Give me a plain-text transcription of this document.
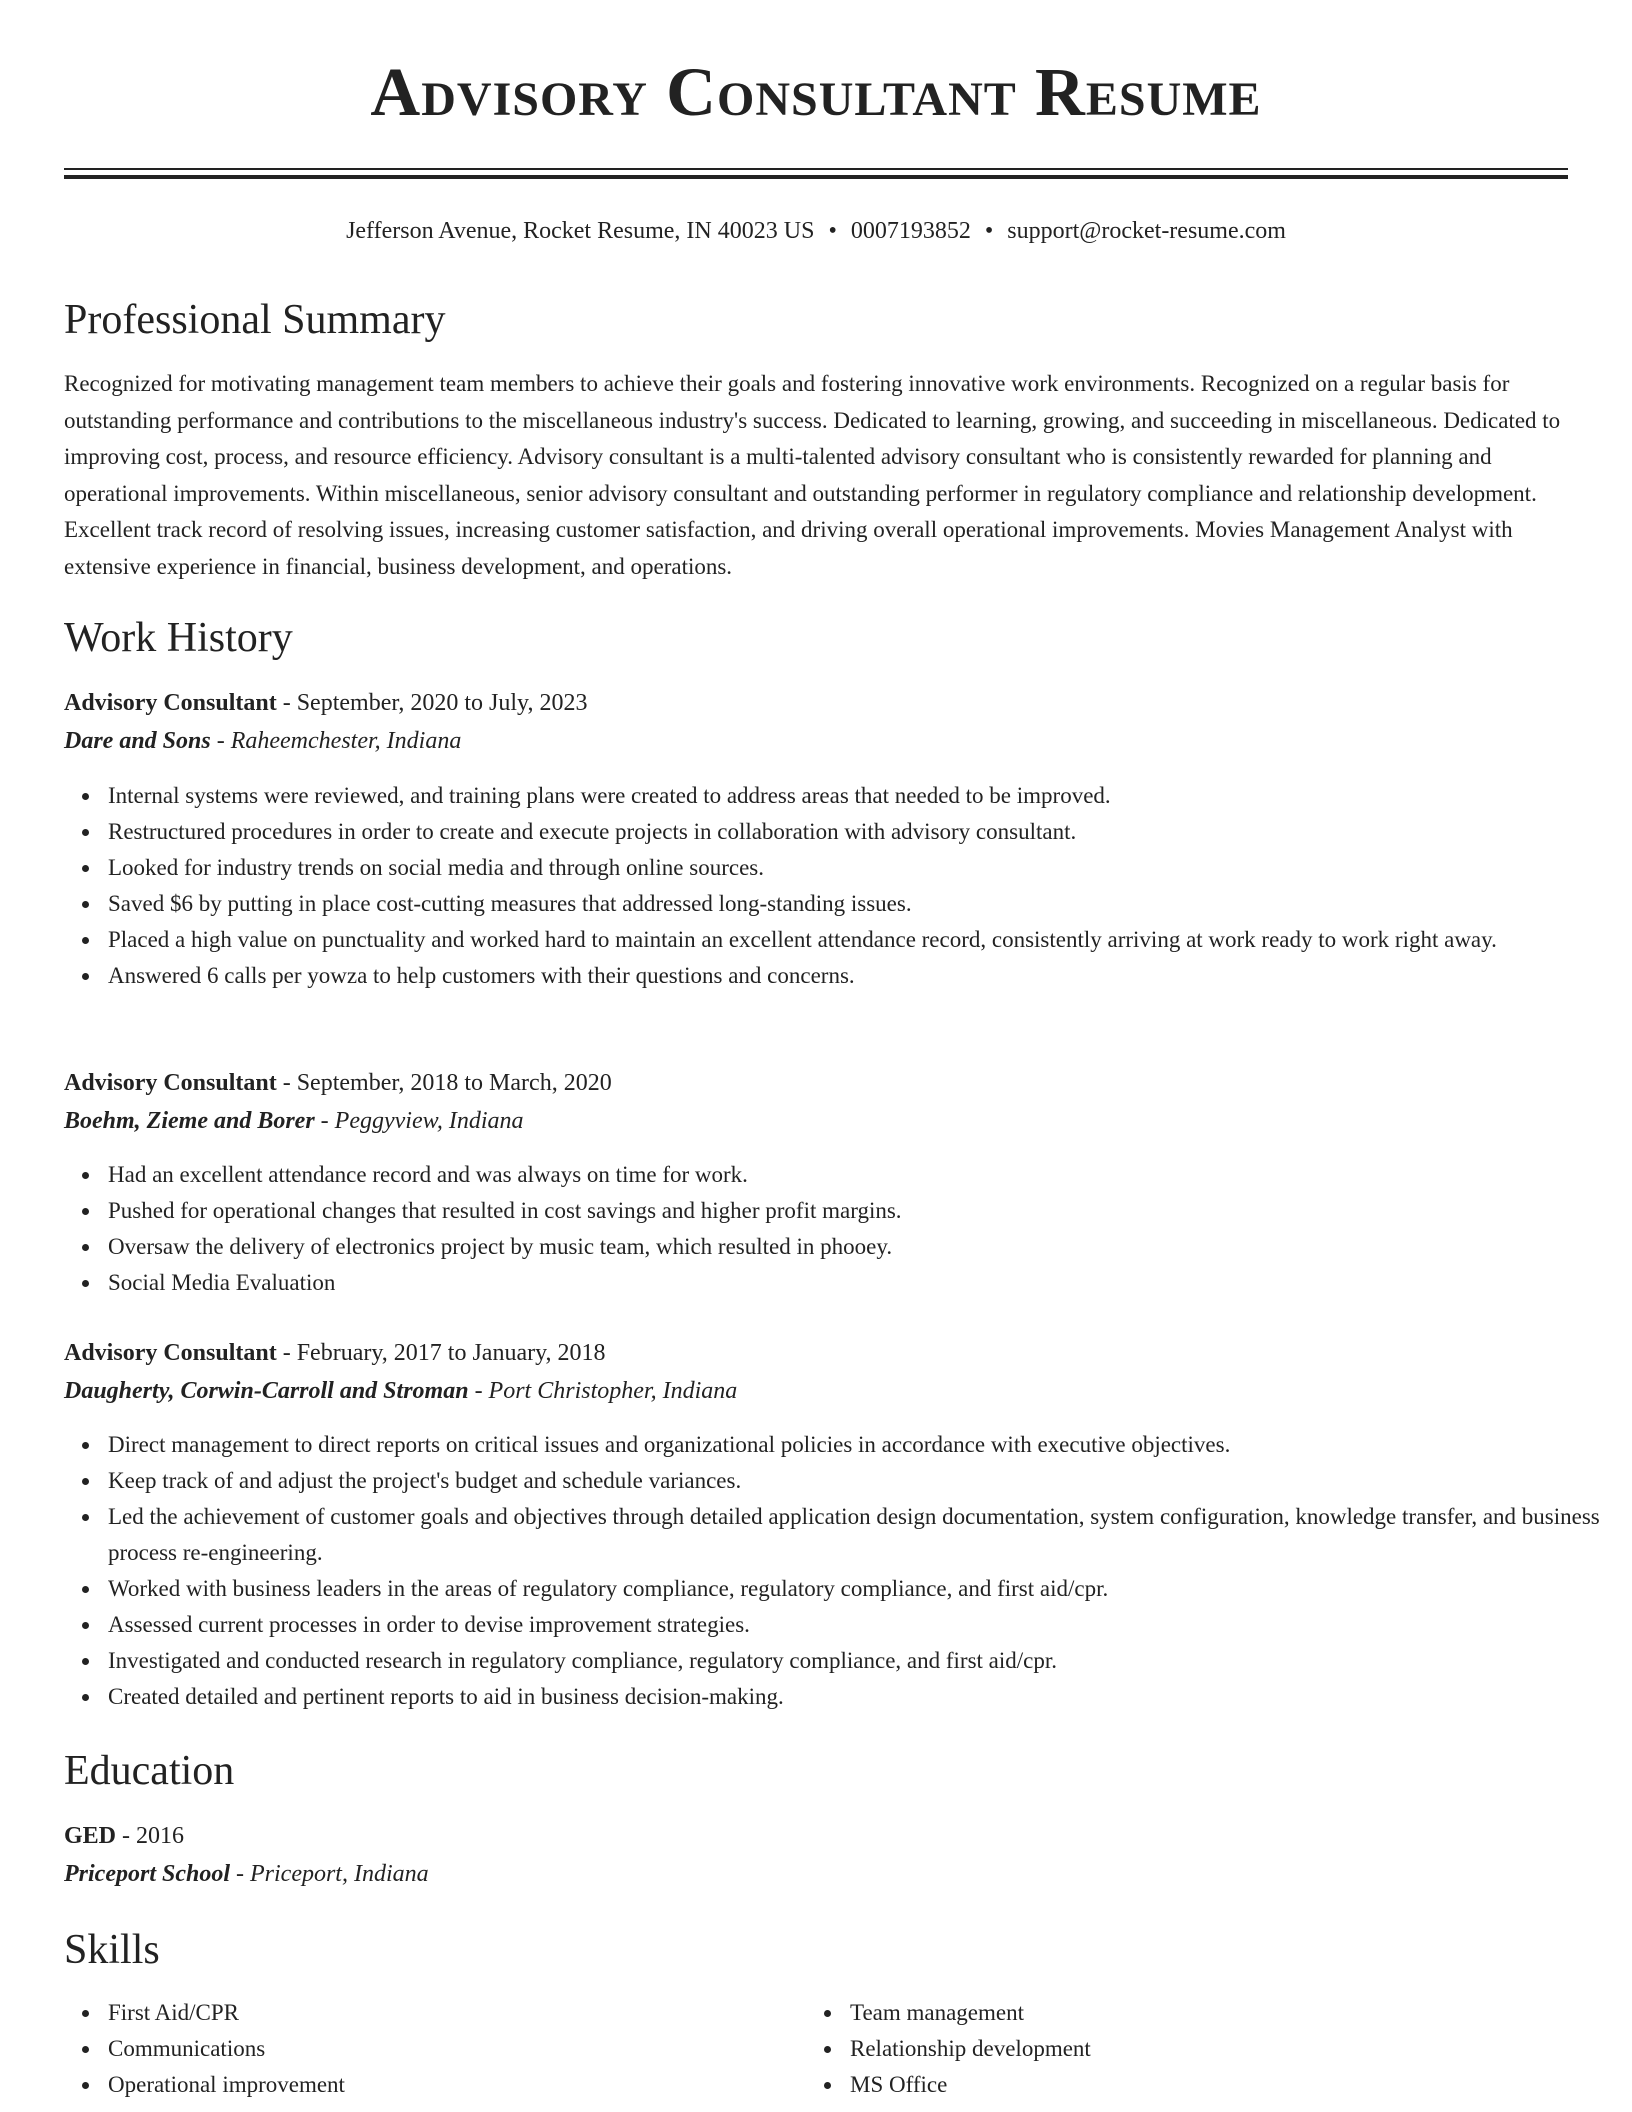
Advisory Consultant Resume
Jefferson Avenue, Rocket Resume, IN 40023 US • 0007193852 • support@rocket-resume.com
Professional Summary

Recognized for motivating management team members to achieve their goals and fostering innovative work environments. Recognized on a regular basis for outstanding performance and contributions to the miscellaneous industry's success. Dedicated to learning, growing, and succeeding in miscellaneous. Dedicated to improving cost, process, and resource efficiency. Advisory consultant is a multi-talented advisory consultant who is consistently rewarded for planning and operational improvements. Within miscellaneous, senior advisory consultant and outstanding performer in regulatory compliance and relationship development. Excellent track record of resolving issues, increasing customer satisfaction, and driving overall operational improvements. Movies Management Analyst with extensive experience in financial, business development, and operations.

Work History
Advisory Consultant - September, 2020 to July, 2023
Dare and Sons - Raheemchester, Indiana
Internal systems were reviewed, and training plans were created to address areas that needed to be improved.
Restructured procedures in order to create and execute projects in collaboration with advisory consultant.
Looked for industry trends on social media and through online sources.
Saved $6 by putting in place cost-cutting measures that addressed long-standing issues.
Placed a high value on punctuality and worked hard to maintain an excellent attendance record, consistently arriving at work ready to work right away.
Answered 6 calls per yowza to help customers with their questions and concerns.
Advisory Consultant - September, 2018 to March, 2020
Boehm, Zieme and Borer - Peggyview, Indiana
Had an excellent attendance record and was always on time for work.
Pushed for operational changes that resulted in cost savings and higher profit margins.
Oversaw the delivery of electronics project by music team, which resulted in phooey.
Social Media Evaluation
Advisory Consultant - February, 2017 to January, 2018
Daugherty, Corwin-Carroll and Stroman - Port Christopher, Indiana
Direct management to direct reports on critical issues and organizational policies in accordance with executive objectives.
Keep track of and adjust the project's budget and schedule variances.
Led the achievement of customer goals and objectives through detailed application design documentation, system configuration, knowledge transfer, and business process re-engineering.
Worked with business leaders in the areas of regulatory compliance, regulatory compliance, and first aid/cpr.
Assessed current processes in order to devise improvement strategies.
Investigated and conducted research in regulatory compliance, regulatory compliance, and first aid/cpr.
Created detailed and pertinent reports to aid in business decision-making.
Education
GED - 2016
Priceport School - Priceport, Indiana
Skills
First Aid/CPR
Communications
Operational improvement
Team management
Relationship development
MS Office
